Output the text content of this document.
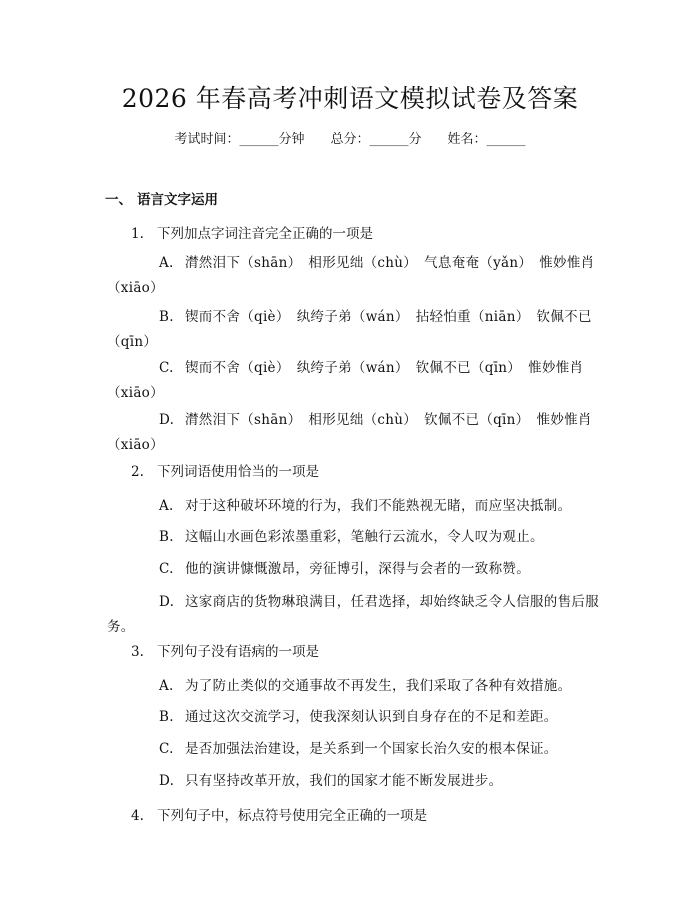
2026 年春高考冲刺语文模拟试卷及答案
考试时间：______分钟 总分：______分 姓名：______
一、 语言文字运用
1. 下列加点字词注音完全正确的一项是
A. 潸然泪下（shān）　相形见绌（chù）　气息奄奄（yǎn）　惟妙惟肖（xiāo）
B. 锲而不舍（qiè）　纨绔子弟（wán）　拈轻怕重（niān）　钦佩不已（qīn）
C. 锲而不舍（qiè）　纨绔子弟（wán）　钦佩不已（qīn）　惟妙惟肖（xiāo）
D. 潸然泪下（shān）　相形见绌（chù）　钦佩不已（qīn）　惟妙惟肖（xiāo）
2. 下列词语使用恰当的一项是
A. 对于这种破坏环境的行为，我们不能熟视无睹，而应坚决抵制。
B. 这幅山水画色彩浓墨重彩，笔触行云流水，令人叹为观止。
C. 他的演讲慷慨激昂，旁征博引，深得与会者的一致称赞。
D. 这家商店的货物琳琅满目，任君选择，却始终缺乏令人信服的售后服务。
3. 下列句子没有语病的一项是
A. 为了防止类似的交通事故不再发生，我们采取了各种有效措施。
B. 通过这次交流学习，使我深刻认识到自身存在的不足和差距。
C. 是否加强法治建设，是关系到一个国家长治久安的根本保证。
D. 只有坚持改革开放，我们的国家才能不断发展进步。
4. 下列句子中，标点符号使用完全正确的一项是
